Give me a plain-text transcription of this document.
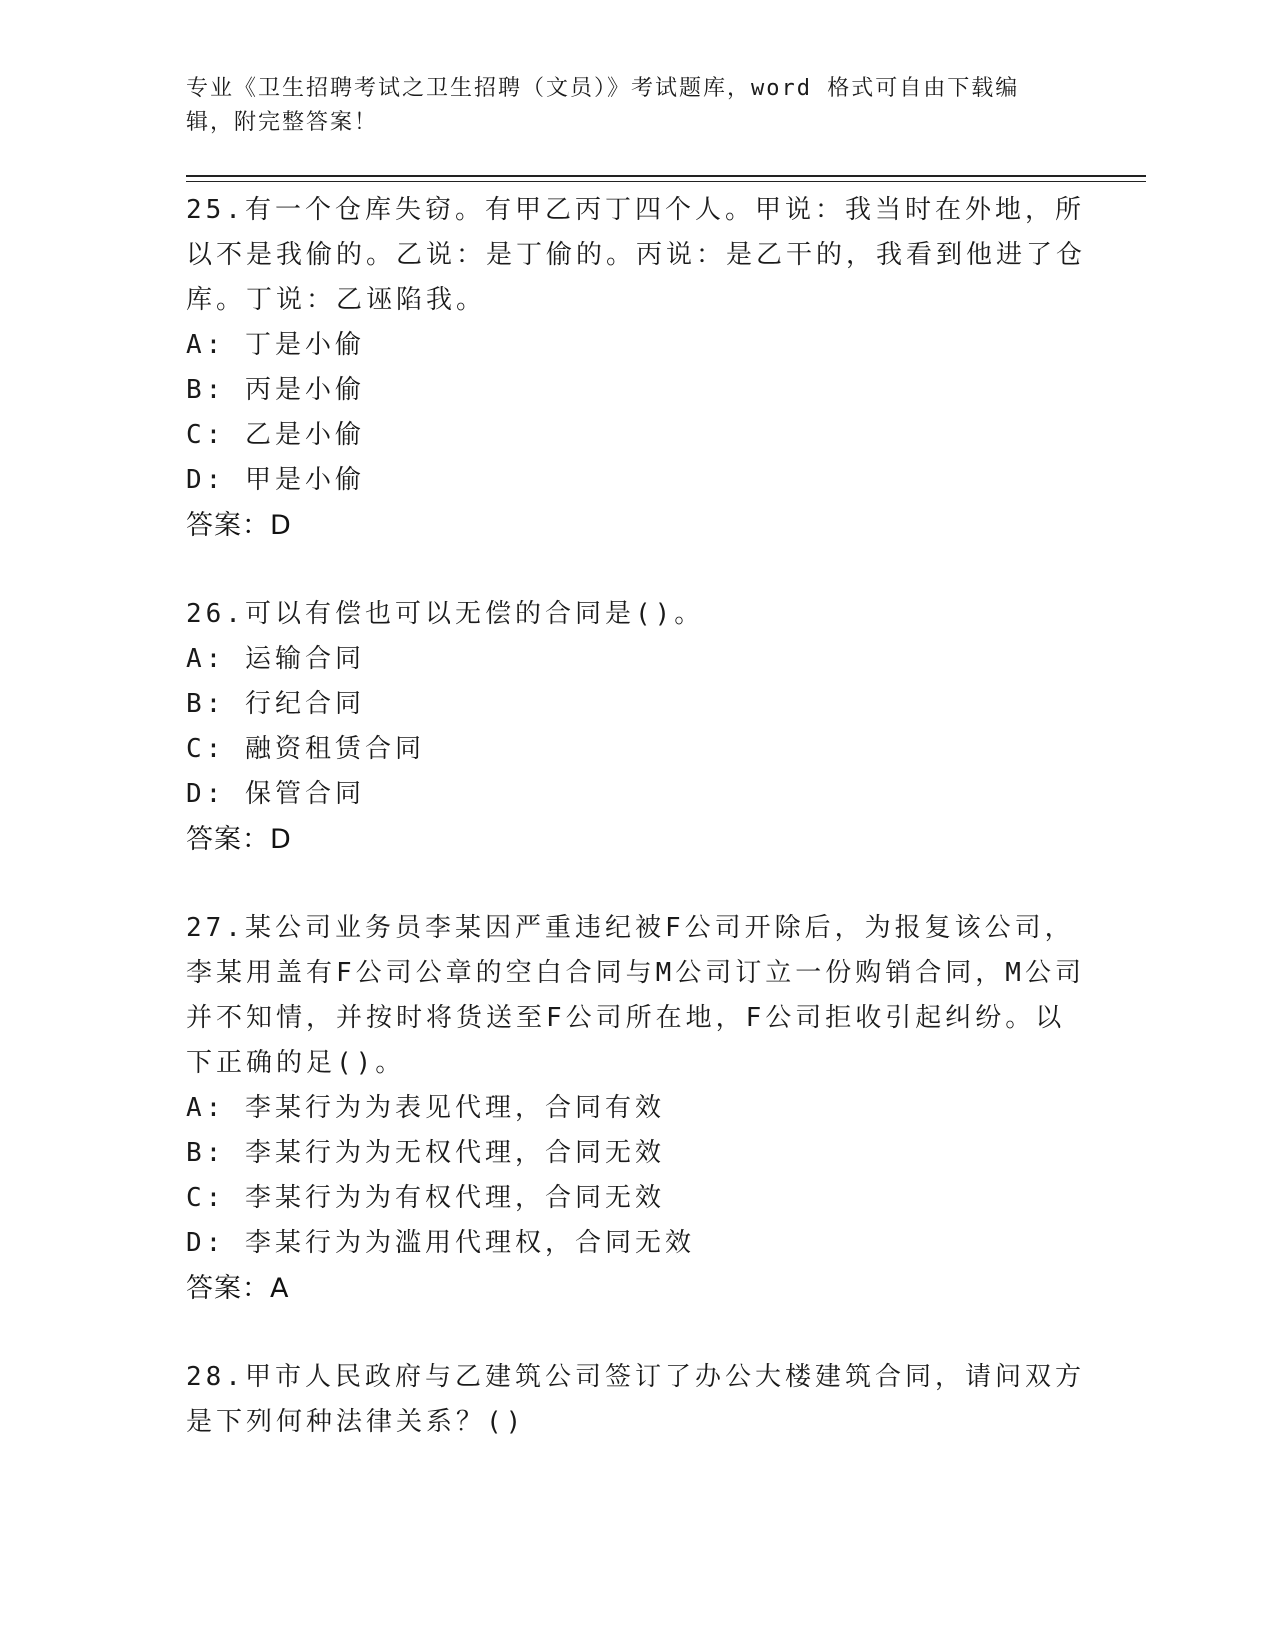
专业《卫生招聘考试之卫生招聘（文员）》考试题库，word 格式可自由下载编辑，附完整答案！
25.有一个仓库失窃。有甲乙丙丁四个人。甲说：我当时在外地，所以不是我偷的。乙说：是丁偷的。丙说：是乙干的，我看到他进了仓库。丁说：乙诬陷我。
A: 丁是小偷
B: 丙是小偷
C: 乙是小偷
D: 甲是小偷
答案：D
26.可以有偿也可以无偿的合同是()。
A: 运输合同
B: 行纪合同
C: 融资租赁合同
D: 保管合同
答案：D
27.某公司业务员李某因严重违纪被F公司开除后，为报复该公司，李某用盖有F公司公章的空白合同与M公司订立一份购销合同，M公司并不知情，并按时将货送至F公司所在地，F公司拒收引起纠纷。以下正确的足()。
A: 李某行为为表见代理，合同有效
B: 李某行为为无权代理，合同无效
C: 李某行为为有权代理，合同无效
D: 李某行为为滥用代理权，合同无效
答案：A
28.甲市人民政府与乙建筑公司签订了办公大楼建筑合同，请问双方是下列何种法律关系？()
